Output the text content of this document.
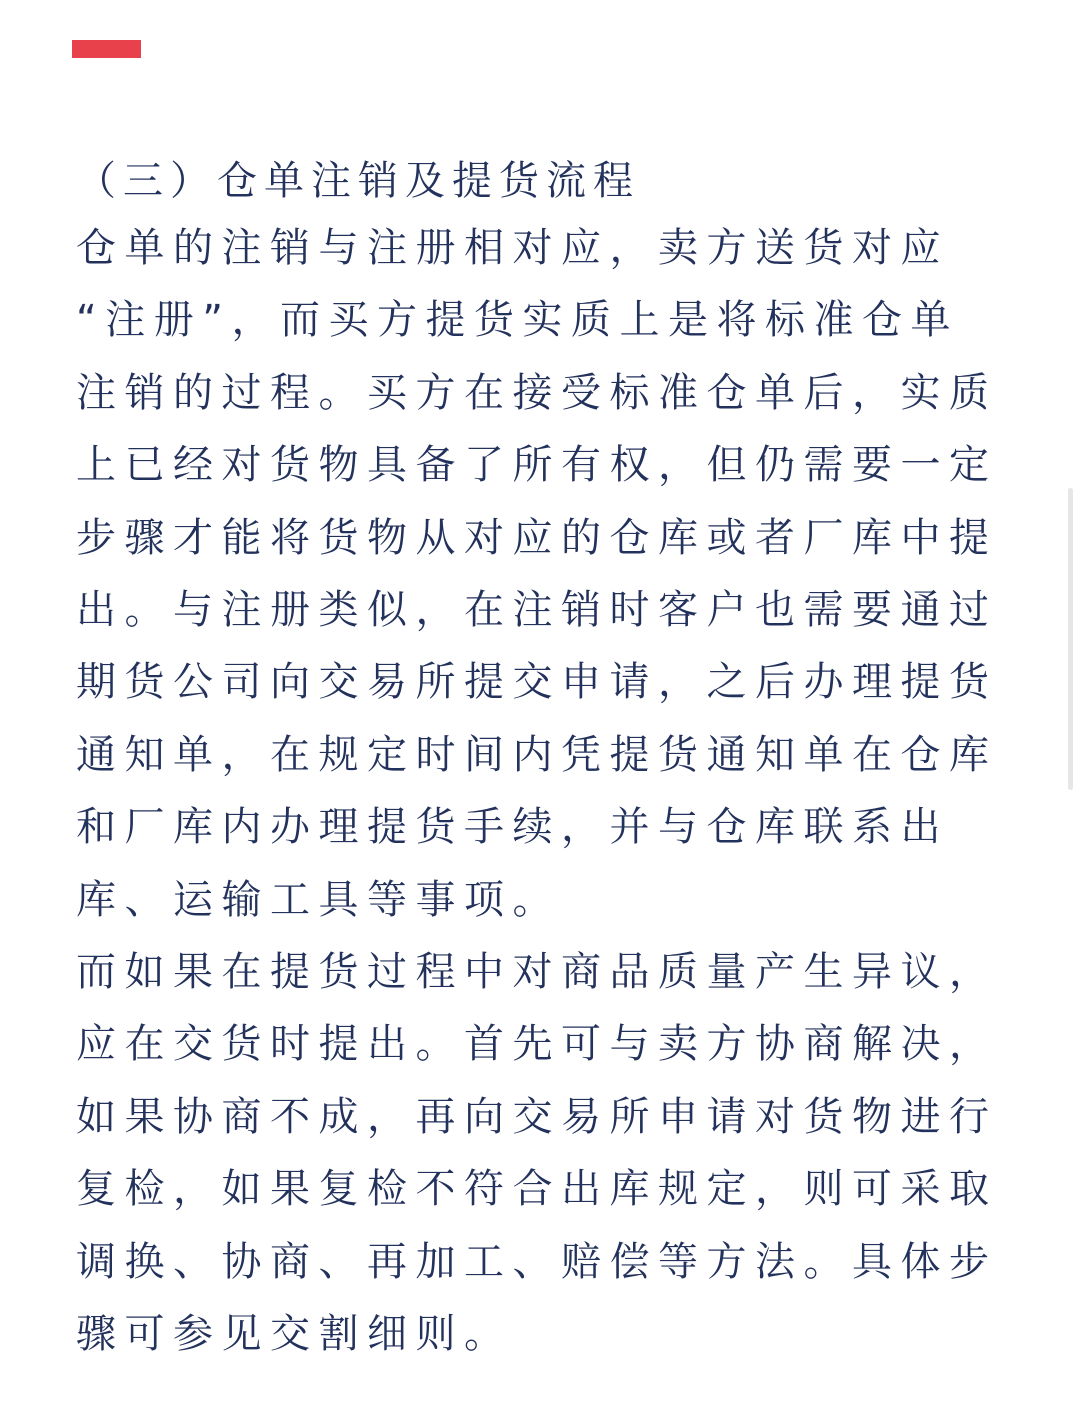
（三）仓单注销及提货流程

仓单的注销与注册相对应，卖方送货对应
“注册”，而买方提货实质上是将标准仓单
注销的过程。买方在接受标准仓单后，实质
上已经对货物具备了所有权，但仍需要一定
步骤才能将货物从对应的仓库或者厂库中提
出。与注册类似，在注销时客户也需要通过
期货公司向交易所提交申请，之后办理提货
通知单，在规定时间内凭提货通知单在仓库
和厂库内办理提货手续，并与仓库联系出
库、运输工具等事项。

而如果在提货过程中对商品质量产生异议，
应在交货时提出。首先可与卖方协商解决，
如果协商不成，再向交易所申请对货物进行
复检，如果复检不符合出库规定，则可采取
调换、协商、再加工、赔偿等方法。具体步
骤可参见交割细则。
